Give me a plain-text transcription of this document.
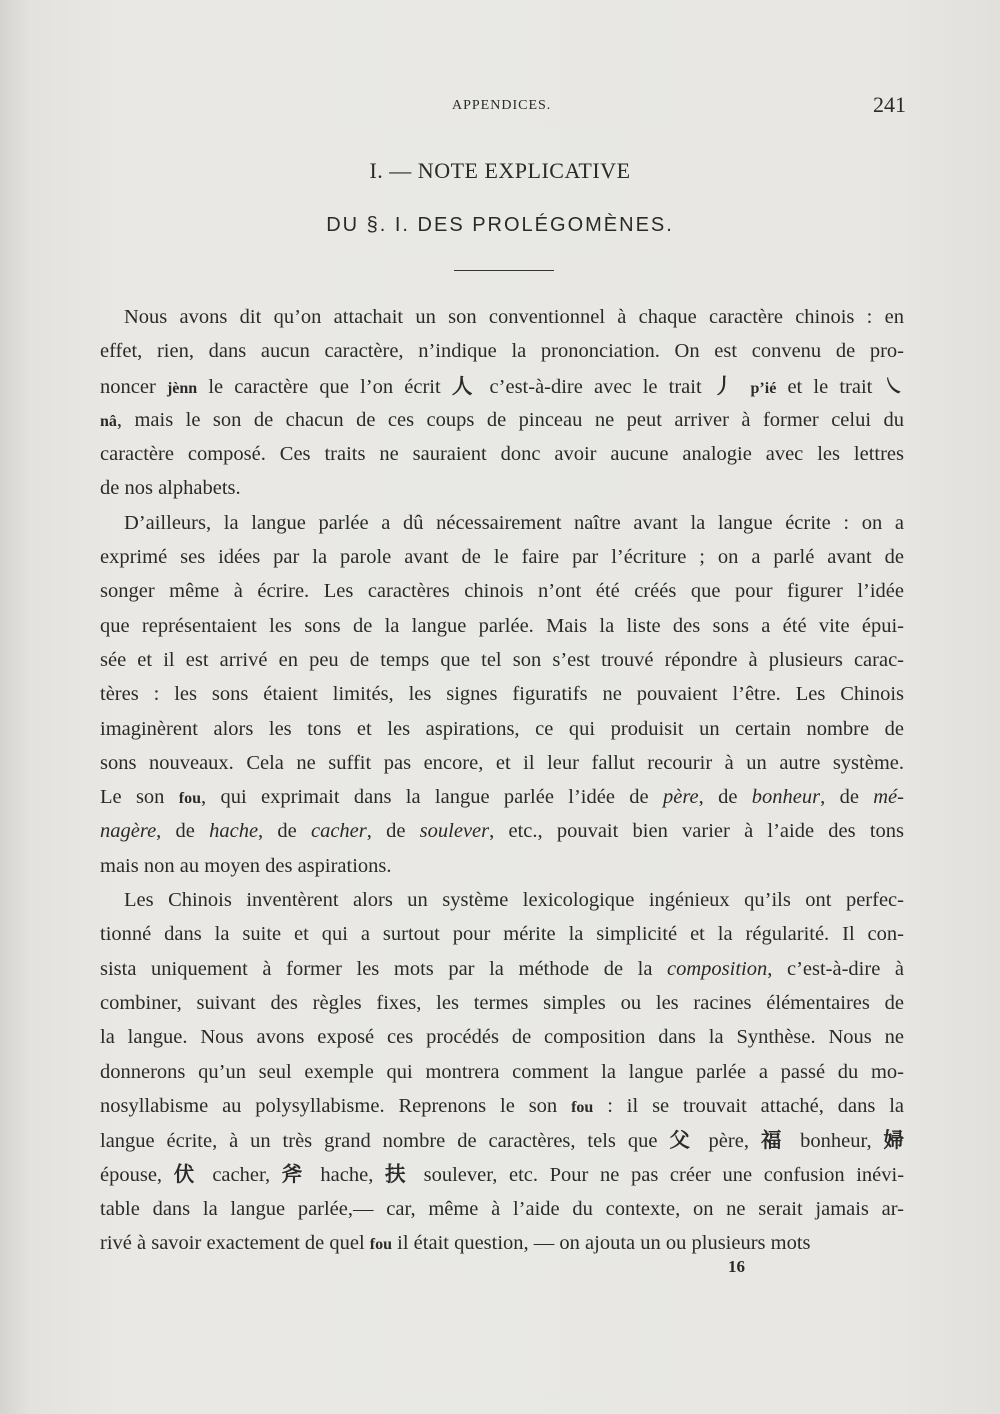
APPENDICES.	241
I. — NOTE EXPLICATIVE
DU §. I. DES PROLÉGOMÈNES.
Nous avons dit qu’on attachait un son conventionnel à chaque caractère chinois : en
effet, rien, dans aucun caractère, n’indique la prononciation. On est convenu de pro-
noncer jènn le caractère que l’on écrit 人 c’est-à-dire avec le trait 丿 p’ié et le trait ㇏
nâ, mais le son de chacun de ces coups de pinceau ne peut arriver à former celui du
caractère composé. Ces traits ne sauraient donc avoir aucune analogie avec les lettres
de nos alphabets.
D’ailleurs, la langue parlée a dû nécessairement naître avant la langue écrite : on a
exprimé ses idées par la parole avant de le faire par l’écriture ; on a parlé avant de
songer même à écrire. Les caractères chinois n’ont été créés que pour figurer l’idée
que représentaient les sons de la langue parlée. Mais la liste des sons a été vite épui-
sée et il est arrivé en peu de temps que tel son s’est trouvé répondre à plusieurs carac-
tères : les sons étaient limités, les signes figuratifs ne pouvaient l’être. Les Chinois
imaginèrent alors les tons et les aspirations, ce qui produisit un certain nombre de
sons nouveaux. Cela ne suffit pas encore, et il leur fallut recourir à un autre système.
Le son fou, qui exprimait dans la langue parlée l’idée de père, de bonheur, de mé-
nagère, de hache, de cacher, de soulever, etc., pouvait bien varier à l’aide des tons
mais non au moyen des aspirations.
Les Chinois inventèrent alors un système lexicologique ingénieux qu’ils ont perfec-
tionné dans la suite et qui a surtout pour mérite la simplicité et la régularité. Il con-
sista uniquement à former les mots par la méthode de la composition, c’est-à-dire à
combiner, suivant des règles fixes, les termes simples ou les racines élémentaires de
la langue. Nous avons exposé ces procédés de composition dans la Synthèse. Nous ne
donnerons qu’un seul exemple qui montrera comment la langue parlée a passé du mo-
nosyllabisme au polysyllabisme. Reprenons le son fou : il se trouvait attaché, dans la
langue écrite, à un très grand nombre de caractères, tels que 父 père, 福 bonheur, 婦
épouse, 伏 cacher, 斧 hache, 扶 soulever, etc. Pour ne pas créer une confusion inévi-
table dans la langue parlée,— car, même à l’aide du contexte, on ne serait jamais ar-
rivé à savoir exactement de quel fou il était question, — on ajouta un ou plusieurs mots
16
